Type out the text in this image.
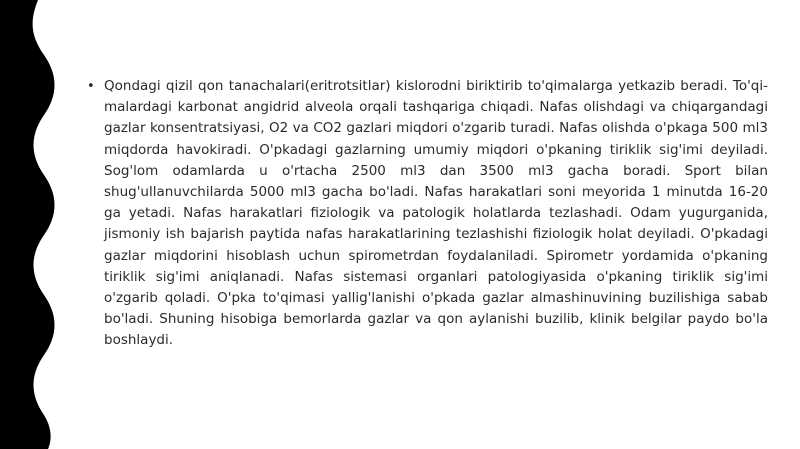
• Qondagi qizil qon tanachalari(eritrotsitlar) kislorodni biriktirib to'qimalarga yetkazib beradi. To'qi-malardagi karbonat angidrid alveola orqali tashqariga chiqadi. Nafas olishdagi va chiqargandagi gazlar konsentratsiyasi, O2 va CO2 gazlari miqdori o'zgarib turadi. Nafas olishda o'pkaga 500 ml3 miqdorda havokiradi. O'pkadagi gazlarning umumiy miqdori o'pkaning tiriklik sig'imi deyiladi. Sog'lom odamlarda u o'rtacha 2500 ml3 dan 3500 ml3 gacha boradi. Sport bilan shug'ullanuvchilarda 5000 ml3 gacha bo'ladi. Nafas harakatlari soni meyorida 1 minutda 16-20 ga yetadi. Nafas harakatlari fiziologik va patologik holatlarda tezlashadi. Odam yugurganida, jismoniy ish bajarish paytida nafas harakatlarining tezlashishi fiziologik holat deyiladi. O'pkadagi gazlar miqdorini hisoblash uchun spirometrdan foydalaniladi. Spirometr yordamida o'pkaning tiriklik sig'imi aniqlanadi. Nafas sistemasi organlari patologiyasida o'pkaning tiriklik sig'imi o'zgarib qoladi. O'pka to'qimasi yallig'lanishi o'pkada gazlar almashinuvining buzilishiga sabab bo'ladi. Shuning hisobiga bemorlarda gazlar va qon aylanishi buzilib, klinik belgilar paydo bo'la boshlaydi.
